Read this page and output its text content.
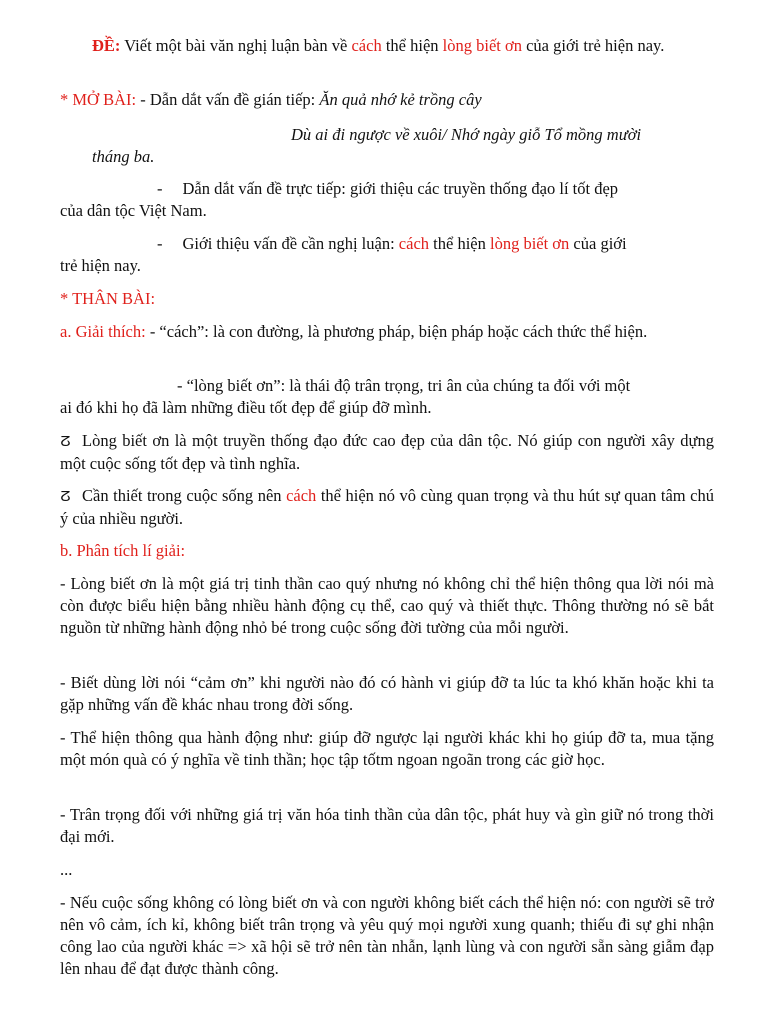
ĐỀ: Viết một bài văn nghị luận bàn về cách thể hiện lòng biết ơn của giới trẻ hiện nay.

* MỞ BÀI: - Dẫn dắt vấn đề gián tiếp: Ăn quả nhớ kẻ trồng cây

Dù ai đi ngược về xuôi/ Nhớ ngày giỗ Tổ mồng mười

tháng ba.

- Dẫn dắt vấn đề trực tiếp: giới thiệu các truyền thống đạo lí tốt đẹp

của dân tộc Việt Nam.

- Giới thiệu vấn đề cần nghị luận: cách thể hiện lòng biết ơn của giới

trẻ hiện nay.

* THÂN BÀI:

a. Giải thích: - “cách”: là con đường, là phương pháp, biện pháp hoặc cách thức thể hiện.

- “lòng biết ơn”: là thái độ trân trọng, tri ân của chúng ta đối với một

ai đó khi họ đã làm những điều tốt đẹp để giúp đỡ mình.

ⵒ Lòng biết ơn là một truyền thống đạo đức cao đẹp của dân tộc. Nó giúp con người xây dựng một cuộc sống tốt đẹp và tình nghĩa.

ⵒ Cần thiết trong cuộc sống nên cách thể hiện nó vô cùng quan trọng và thu hút sự quan tâm chú ý của nhiều người.

b. Phân tích lí giải:

- Lòng biết ơn là một giá trị tinh thần cao quý nhưng nó không chỉ thể hiện thông qua lời nói mà còn được biểu hiện bằng nhiều hành động cụ thể, cao quý và thiết thực. Thông thường nó sẽ bắt nguồn từ những hành động nhỏ bé trong cuộc sống đời tường của mỗi người.

- Biết dùng lời nói “cảm ơn” khi người nào đó có hành vi giúp đỡ ta lúc ta khó khăn hoặc khi ta gặp những vấn đề khác nhau trong đời sống.

- Thể hiện thông qua hành động như: giúp đỡ ngược lại người khác khi họ giúp đỡ ta, mua tặng một món quà có ý nghĩa về tinh thần; học tập tốtm ngoan ngoãn trong các giờ học.

- Trân trọng đối với những giá trị văn hóa tinh thần của dân tộc, phát huy và gìn giữ nó trong thời đại mới.

...

- Nếu cuộc sống không có lòng biết ơn và con người không biết cách thể hiện nó: con người sẽ trở nên vô cảm, ích kỉ, không biết trân trọng và yêu quý mọi người xung quanh; thiếu đi sự ghi nhận công lao của người khác => xã hội sẽ trở nên tàn nhẫn, lạnh lùng và con người sẵn sàng giẫm đạp lên nhau để đạt được thành công.
